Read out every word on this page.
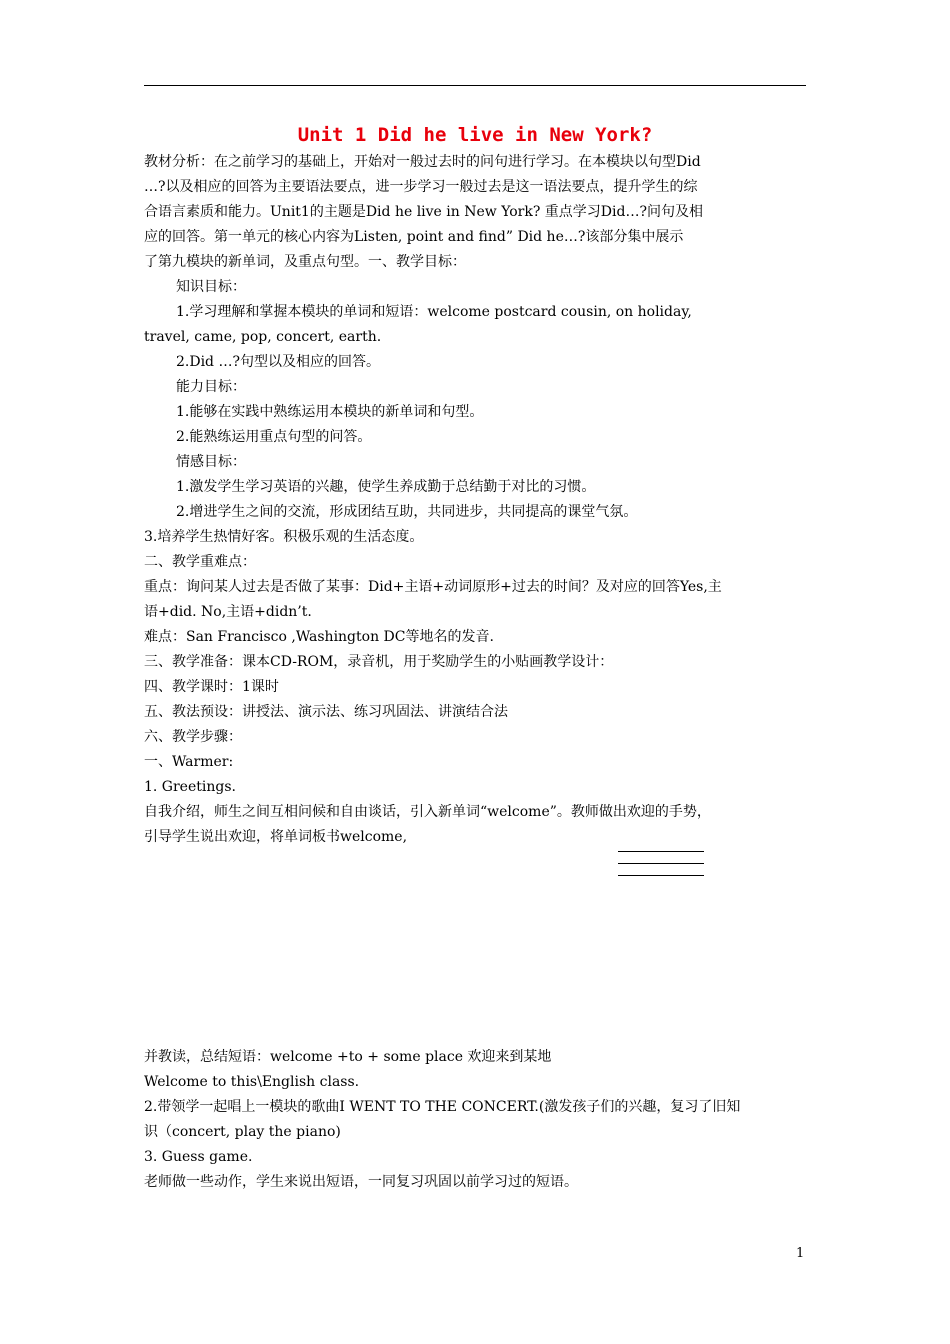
Unit 1 Did he live in New York?

教材分析：在之前学习的基础上，开始对一般过去时的问句进行学习。在本模块以句型Did

…?以及相应的回答为主要语法要点，进一步学习一般过去是这一语法要点，提升学生的综

合语言素质和能力。Unit1的主题是Did he live in New York? 重点学习Did…?问句及相

应的回答。第一单元的核心内容为Listen, point and find” Did he…?该部分集中展示

了第九模块的新单词，及重点句型。一、教学目标：

知识目标：

1.学习理解和掌握本模块的单词和短语：welcome postcard cousin, on holiday,

travel, came, pop, concert, earth.

2.Did …?句型以及相应的回答。

能力目标：

1.能够在实践中熟练运用本模块的新单词和句型。

2.能熟练运用重点句型的问答。

情感目标：

1.激发学生学习英语的兴趣，使学生养成勤于总结勤于对比的习惯。

2.增进学生之间的交流，形成团结互助，共同进步，共同提高的课堂气氛。

3.培养学生热情好客。积极乐观的生活态度。

二、教学重难点：

重点：询问某人过去是否做了某事：Did+主语+动词原形+过去的时间？及对应的回答Yes,主

语+did. No,主语+didn’t.

难点：San Francisco ,Washington DC等地名的发音.

三、教学准备：课本CD-ROM，录音机，用于奖励学生的小贴画教学设计：

四、教学课时：1课时

五、教法预设：讲授法、演示法、练习巩固法、讲演结合法

六、教学步骤：

一、Warmer:

1. Greetings.

自我介绍，师生之间互相问候和自由谈话，引入新单词“welcome”。教师做出欢迎的手势，

引导学生说出欢迎，将单词板书welcome,

并教读，总结短语：welcome +to + some place 欢迎来到某地

Welcome to this\English class.

2.带领学一起唱上一模块的歌曲I WENT TO THE CONCERT.(激发孩子们的兴趣，复习了旧知

识（concert, play the piano)

3. Guess game.

老师做一些动作，学生来说出短语，一同复习巩固以前学习过的短语。

1
